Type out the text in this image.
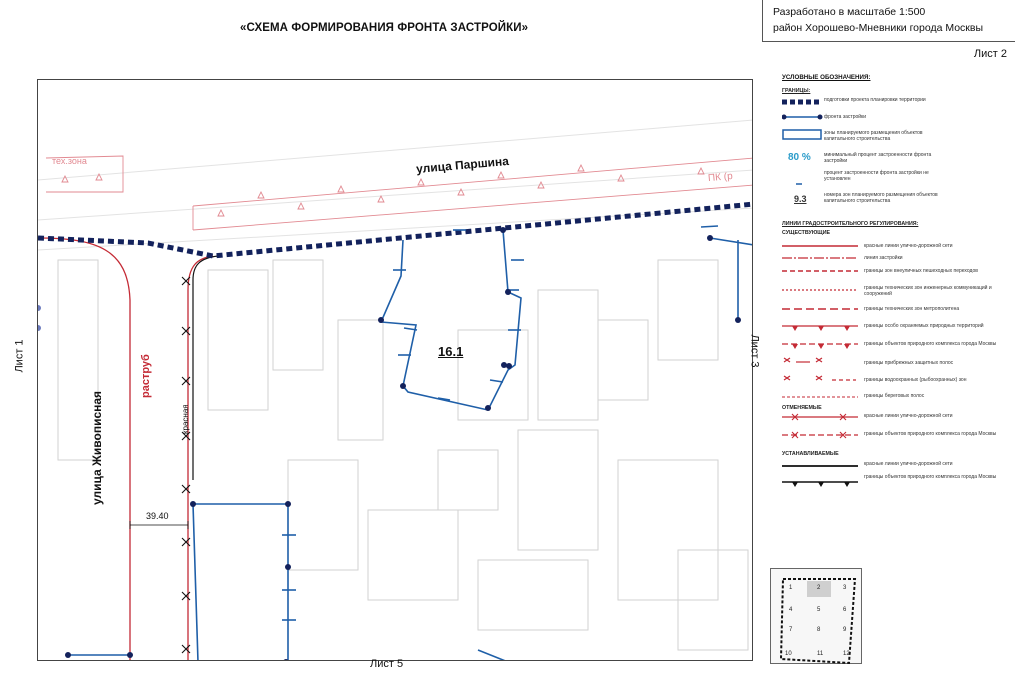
«СХЕМА ФОРМИРОВАНИЯ ФРОНТА ЗАСТРОЙКИ»
Разработано в масштабе 1:500
район Хорошево-Мневники города Москвы
Лист 2
улица Паршина
улица Живописная
раструб
красная
тех.зона
ПК (р
16.1
39.40
Лист 1	Лист 3
Лист 5
УСЛОВНЫЕ ОБОЗНАЧЕНИЯ:
ГРАНИЦЫ:
80 %
9.3
подготовки проекта планировки территории
фронта застройки
зоны планируемого размещения объектов капитального строительства
минимальный процент застроенности фронта застройки
процент застроенности фронта застройки не установлен
номера зон планируемого размещения объектов капитального строительства
ЛИНИИ ГРАДОСТРОИТЕЛЬНОГО РЕГУЛИРОВАНИЯ:
СУЩЕСТВУЮЩИЕ
красные линии улично-дорожной сети
линия застройки
границы зон внеуличных пешеходных переходов
границы технических зон инженерных коммуникаций и сооружений
границы технических зон метрополитена
границы особо охраняемых природных территорий
границы объектов природного комплекса города Москвы
границы прибрежных защитных полос
границы водоохранных (рыбоохранных) зон
границы береговых полос
ОТМЕНЯЕМЫЕ
красные линии улично-дорожной сети
границы объектов природного комплекса города Москвы
УСТАНАВЛИВАЕМЫЕ
красные линии улично-дорожной сети
границы объектов природного комплекса города Москвы
1	2	3
4	5	6
7	8	9
10	11	12
